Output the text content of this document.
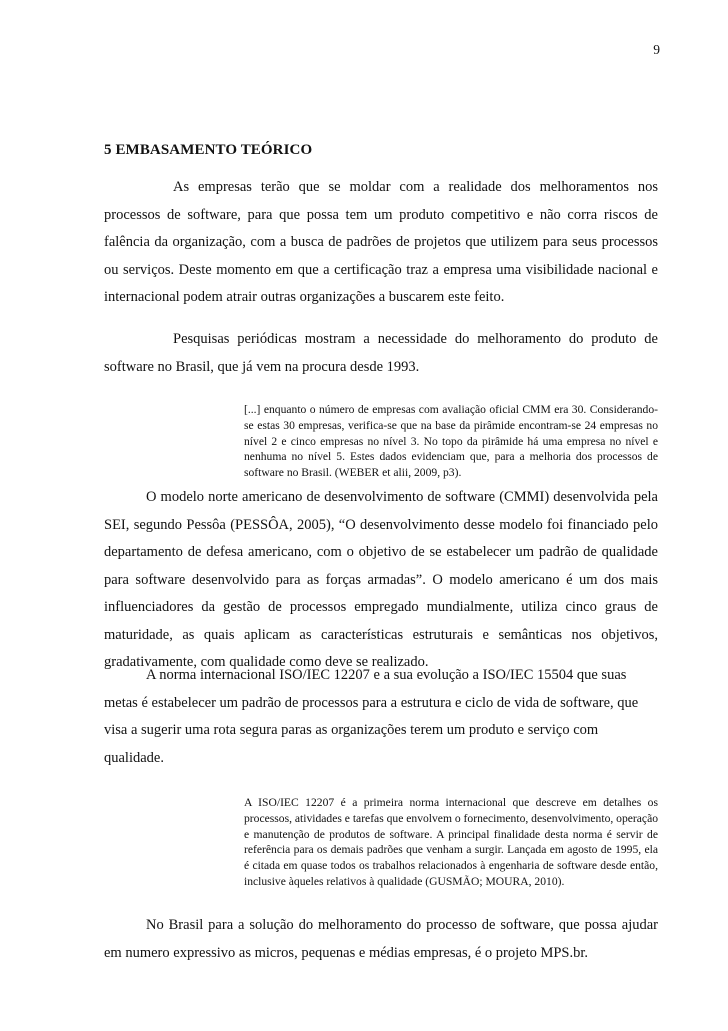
9
5 EMBASAMENTO TEÓRICO

As empresas terão que se moldar com a realidade dos melhoramentos nos processos de software, para que possa tem um produto competitivo e não corra riscos de falência da organização, com a busca de padrões de projetos que utilizem para seus processos ou serviços. Deste momento em que a certificação traz a empresa uma visibilidade nacional e internacional podem atrair outras organizações a buscarem este feito.

Pesquisas periódicas mostram a necessidade do melhoramento do produto de software no Brasil, que já vem na procura desde 1993.

[...] enquanto o número de empresas com avaliação oficial CMM era 30. Considerando-se estas 30 empresas, verifica-se que na base da pirâmide encontram-se 24 empresas no nível 2 e cinco empresas no nível 3. No topo da pirâmide há uma empresa no nível e nenhuma no nível 5. Estes dados evidenciam que, para a melhoria dos processos de software no Brasil. (WEBER et alii, 2009, p3).

O modelo norte americano de desenvolvimento de software (CMMI) desenvolvida pela SEI, segundo Pessôa (PESSÔA, 2005), “O desenvolvimento desse modelo foi financiado pelo departamento de defesa americano, com o objetivo de se estabelecer um padrão de qualidade para software desenvolvido para as forças armadas”. O modelo americano é um dos mais influenciadores da gestão de processos empregado mundialmente, utiliza cinco graus de maturidade, as quais aplicam as características estruturais e semânticas nos objetivos, gradativamente, com qualidade como deve se realizado.

A norma internacional ISO/IEC 12207 e a sua evolução a ISO/IEC 15504 que suas metas é estabelecer um padrão de processos para a estrutura e ciclo de vida de software, que visa a sugerir uma rota segura paras as organizações terem um produto e serviço com qualidade.

A ISO/IEC 12207 é a primeira norma internacional que descreve em detalhes os processos, atividades e tarefas que envolvem o fornecimento, desenvolvimento, operação e manutenção de produtos de software. A principal finalidade desta norma é servir de referência para os demais padrões que venham a surgir. Lançada em agosto de 1995, ela é citada em quase todos os trabalhos relacionados à engenharia de software desde então, inclusive àqueles relativos à qualidade (GUSMÃO; MOURA, 2010).

No Brasil para a solução do melhoramento do processo de software, que possa ajudar em numero expressivo as micros, pequenas e médias empresas, é o projeto MPS.br.
